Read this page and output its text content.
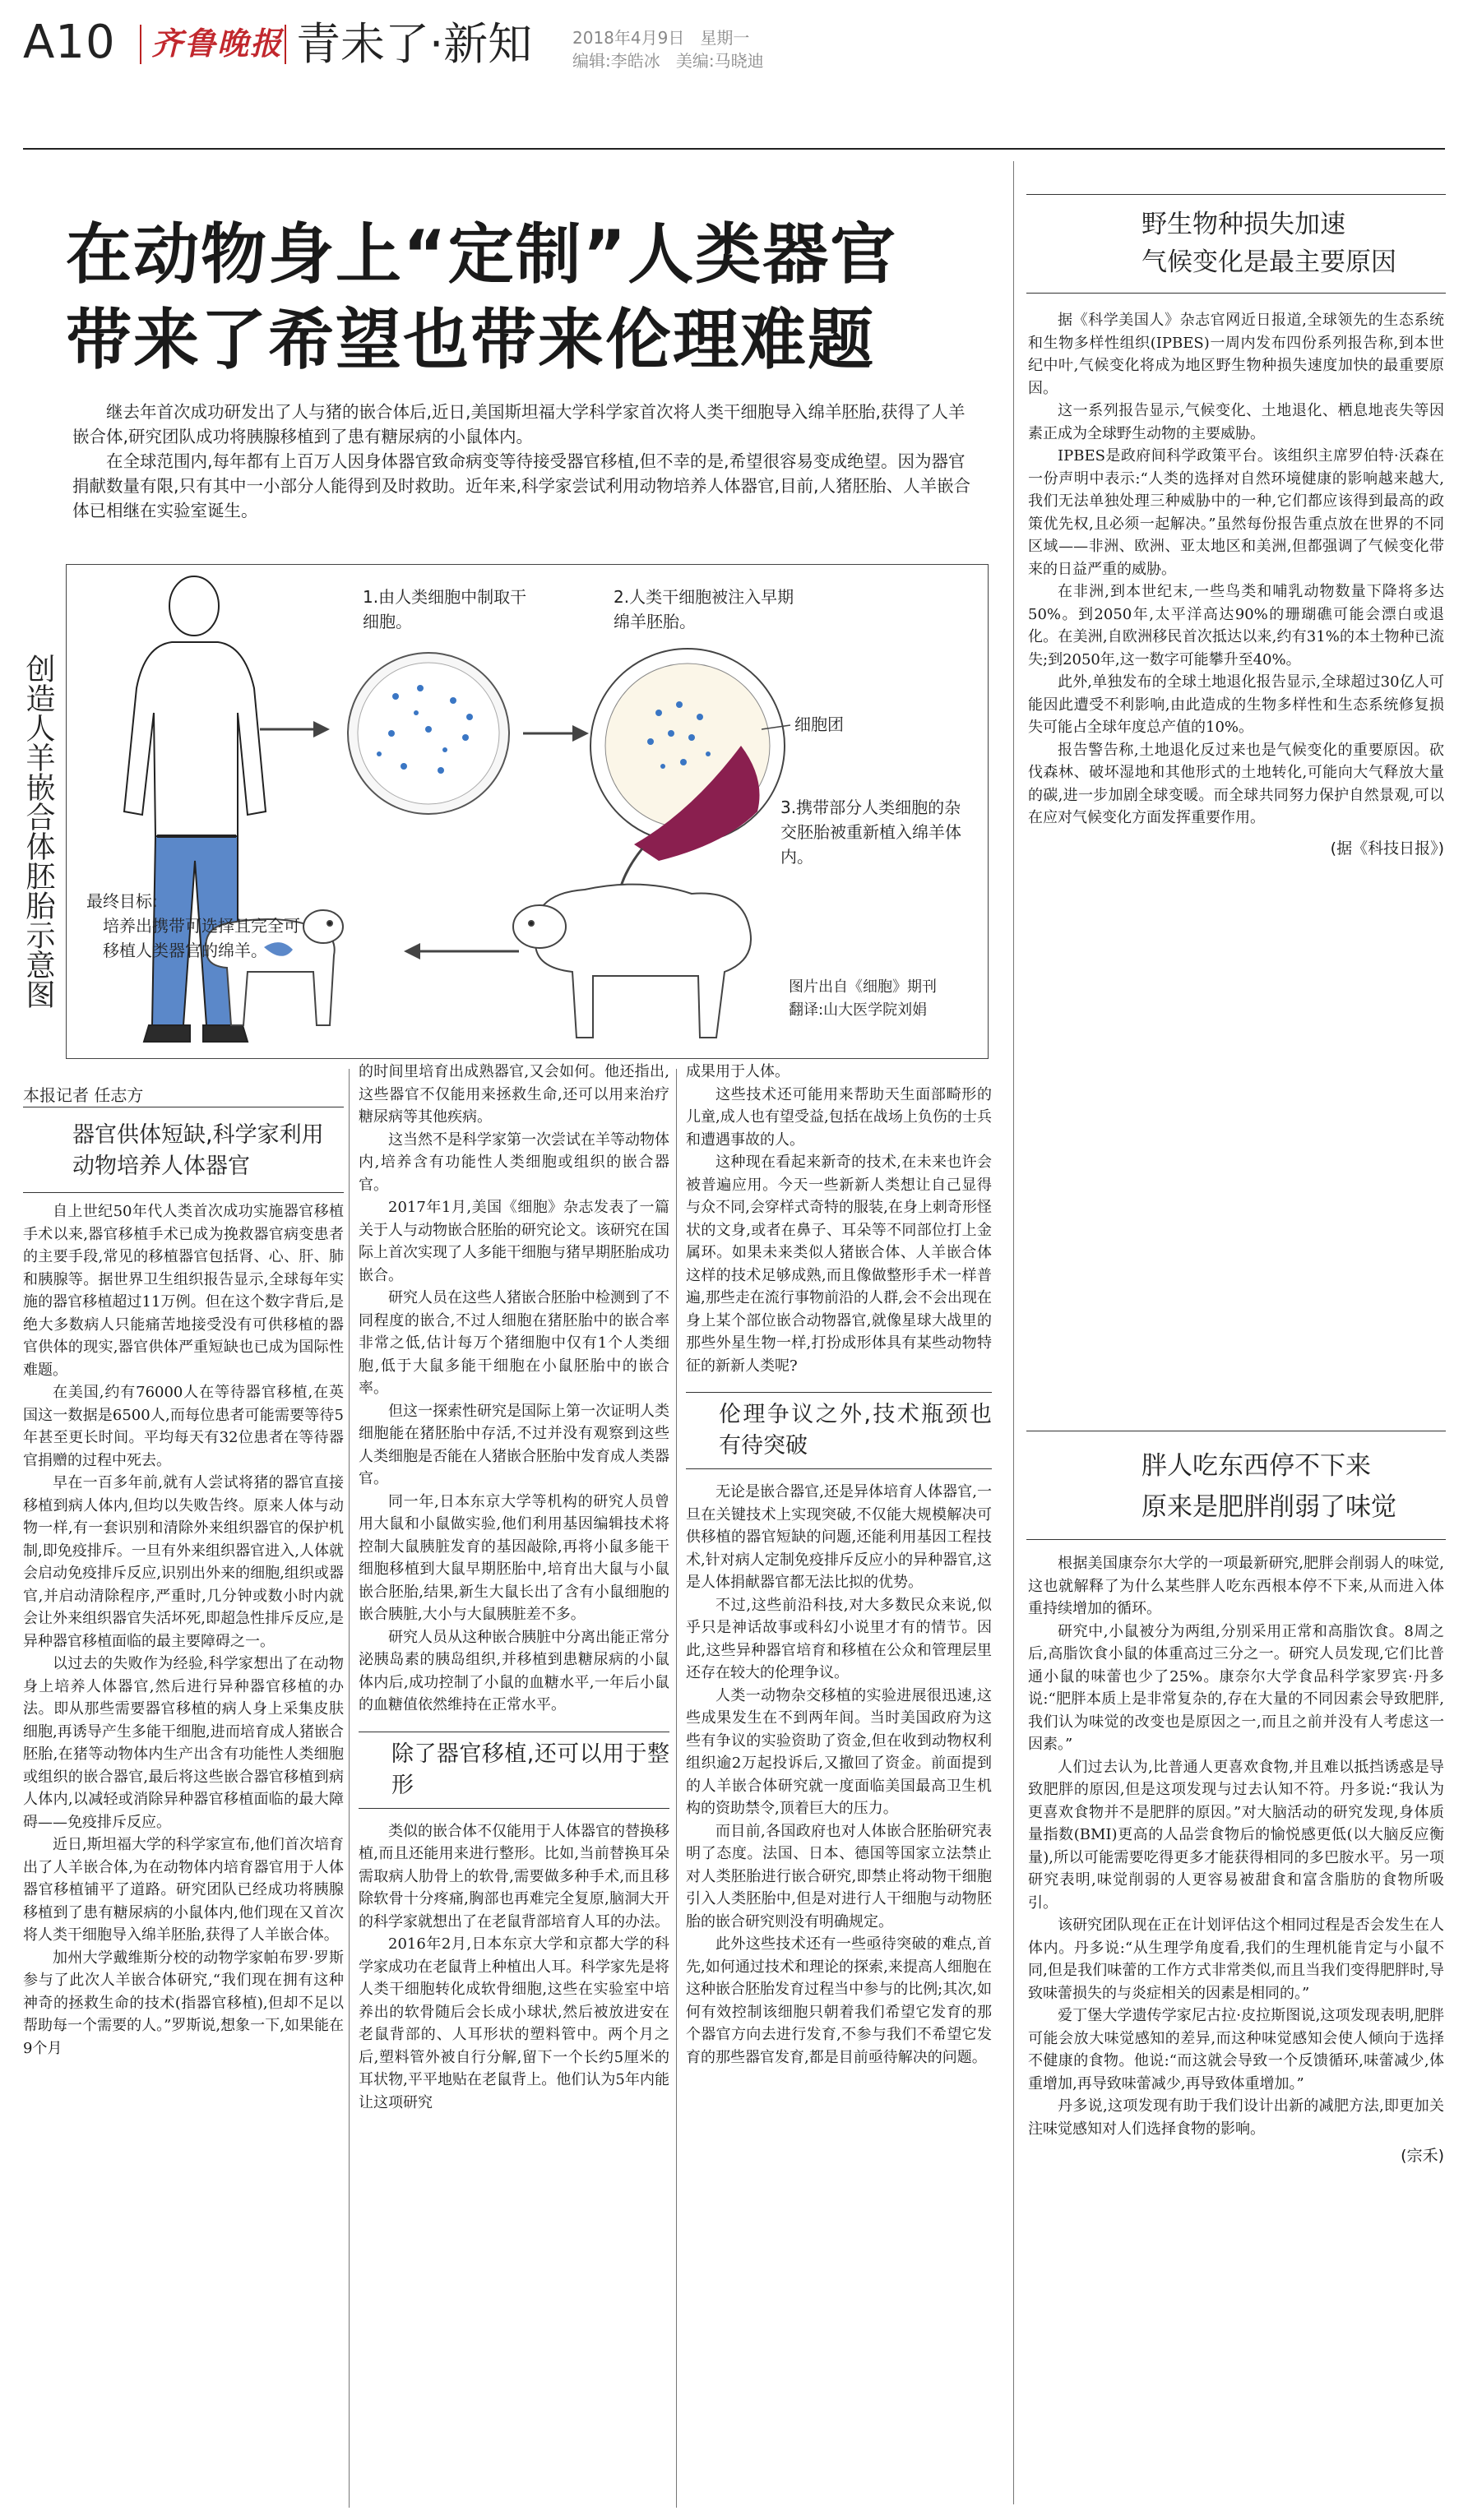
A10 齐鲁晚报 青未了·新知 2018年4月9日 星期一
编辑:李皓冰 美编:马晓迪
在动物身上“定制”人类器官
带来了希望也带来伦理难题

继去年首次成功研发出了人与猪的嵌合体后,近日,美国斯坦福大学科学家首次将人类干细胞导入绵羊胚胎,获得了人羊嵌合体,研究团队成功将胰腺移植到了患有糖尿病的小鼠体内。

在全球范围内,每年都有上百万人因身体器官致命病变等待接受器官移植,但不幸的是,希望很容易变成绝望。因为器官捐献数量有限,只有其中一小部分人能得到及时救助。近年来,科学家尝试利用动物培养人体器官,目前,人猪胚胎、人羊嵌合体已相继在实验室诞生。

创造人羊嵌合体胚胎示意图
1.由人类细胞中制取干细胞。
2.人类干细胞被注入早期绵羊胚胎。
细胞团
3.携带部分人类细胞的杂交胚胎被重新植入绵羊体内。
最终目标:
培养出携带可选择且完全可移植人类器官的绵羊。
图片出自《细胞》期刊
翻译:山大医学院刘娟
本报记者 任志方
器官供体短缺,科学家利用动物培养人体器官

自上世纪50年代人类首次成功实施器官移植手术以来,器官移植手术已成为挽救器官病变患者的主要手段,常见的移植器官包括肾、心、肝、肺和胰腺等。据世界卫生组织报告显示,全球每年实施的器官移植超过11万例。但在这个数字背后,是绝大多数病人只能痛苦地接受没有可供移植的器官供体的现实,器官供体严重短缺也已成为国际性难题。

在美国,约有76000人在等待器官移植,在英国这一数据是6500人,而每位患者可能需要等待5年甚至更长时间。平均每天有32位患者在等待器官捐赠的过程中死去。

早在一百多年前,就有人尝试将猪的器官直接移植到病人体内,但均以失败告终。原来人体与动物一样,有一套识别和清除外来组织器官的保护机制,即免疫排斥。一旦有外来组织器官进入,人体就会启动免疫排斥反应,识别出外来的细胞,组织或器官,并启动清除程序,严重时,几分钟或数小时内就会让外来组织器官失活坏死,即超急性排斥反应,是异种器官移植面临的最主要障碍之一。

以过去的失败作为经验,科学家想出了在动物身上培养人体器官,然后进行异种器官移植的办法。即从那些需要器官移植的病人身上采集皮肤细胞,再诱导产生多能干细胞,进而培育成人猪嵌合胚胎,在猪等动物体内生产出含有功能性人类细胞或组织的嵌合器官,最后将这些嵌合器官移植到病人体内,以减轻或消除异种器官移植面临的最大障碍——免疫排斥反应。

近日,斯坦福大学的科学家宣布,他们首次培育出了人羊嵌合体,为在动物体内培育器官用于人体器官移植铺平了道路。研究团队已经成功将胰腺移植到了患有糖尿病的小鼠体内,他们现在又首次将人类干细胞导入绵羊胚胎,获得了人羊嵌合体。

加州大学戴维斯分校的动物学家帕布罗·罗斯参与了此次人羊嵌合体研究,“我们现在拥有这种神奇的拯救生命的技术(指器官移植),但却不足以帮助每一个需要的人。”罗斯说,想象一下,如果能在9个月

的时间里培育出成熟器官,又会如何。他还指出,这些器官不仅能用来拯救生命,还可以用来治疗糖尿病等其他疾病。

这当然不是科学家第一次尝试在羊等动物体内,培养含有功能性人类细胞或组织的嵌合器官。

2017年1月,美国《细胞》杂志发表了一篇关于人与动物嵌合胚胎的研究论文。该研究在国际上首次实现了人多能干细胞与猪早期胚胎成功嵌合。

研究人员在这些人猪嵌合胚胎中检测到了不同程度的嵌合,不过人细胞在猪胚胎中的嵌合率非常之低,估计每万个猪细胞中仅有1个人类细胞,低于大鼠多能干细胞在小鼠胚胎中的嵌合率。

但这一探索性研究是国际上第一次证明人类细胞能在猪胚胎中存活,不过并没有观察到这些人类细胞是否能在人猪嵌合胚胎中发育成人类器官。

同一年,日本东京大学等机构的研究人员曾用大鼠和小鼠做实验,他们利用基因编辑技术将控制大鼠胰脏发育的基因敲除,再将小鼠多能干细胞移植到大鼠早期胚胎中,培育出大鼠与小鼠嵌合胚胎,结果,新生大鼠长出了含有小鼠细胞的嵌合胰脏,大小与大鼠胰脏差不多。

研究人员从这种嵌合胰脏中分离出能正常分泌胰岛素的胰岛组织,并移植到患糖尿病的小鼠体内后,成功控制了小鼠的血糖水平,一年后小鼠的血糖值依然维持在正常水平。

除了器官移植,还可以用于整形

类似的嵌合体不仅能用于人体器官的替换移植,而且还能用来进行整形。比如,当前替换耳朵需取病人肋骨上的软骨,需要做多种手术,而且移除软骨十分疼痛,胸部也再难完全复原,脑洞大开的科学家就想出了在老鼠背部培育人耳的办法。

2016年2月,日本东京大学和京都大学的科学家成功在老鼠背上种植出人耳。科学家先是将人类干细胞转化成软骨细胞,这些在实验室中培养出的软骨随后会长成小球状,然后被放进安在老鼠背部的、人耳形状的塑料管中。两个月之后,塑料管外被自行分解,留下一个长约5厘米的耳状物,平平地贴在老鼠背上。他们认为5年内能让这项研究

成果用于人体。

这些技术还可能用来帮助天生面部畸形的儿童,成人也有望受益,包括在战场上负伤的士兵和遭遇事故的人。

这种现在看起来新奇的技术,在未来也许会被普遍应用。今天一些新新人类想让自己显得与众不同,会穿样式奇特的服装,在身上刺奇形怪状的文身,或者在鼻子、耳朵等不同部位打上金属环。如果未来类似人猪嵌合体、人羊嵌合体这样的技术足够成熟,而且像做整形手术一样普遍,那些走在流行事物前沿的人群,会不会出现在身上某个部位嵌合动物器官,就像星球大战里的那些外星生物一样,打扮成形体具有某些动物特征的新新人类呢?

伦理争议之外,技术瓶颈也有待突破

无论是嵌合器官,还是异体培育人体器官,一旦在关键技术上实现突破,不仅能大规模解决可供移植的器官短缺的问题,还能利用基因工程技术,针对病人定制免疫排斥反应小的异种器官,这是人体捐献器官都无法比拟的优势。

不过,这些前沿科技,对大多数民众来说,似乎只是神话故事或科幻小说里才有的情节。因此,这些异种器官培育和移植在公众和管理层里还存在较大的伦理争议。

人类一动物杂交移植的实验进展很迅速,这些成果发生在不到两年间。当时美国政府为这些有争议的实验资助了资金,但在收到动物权利组织逾2万起投诉后,又撤回了资金。前面提到的人羊嵌合体研究就一度面临美国最高卫生机构的资助禁令,顶着巨大的压力。

而目前,各国政府也对人体嵌合胚胎研究表明了态度。法国、日本、德国等国家立法禁止对人类胚胎进行嵌合研究,即禁止将动物干细胞引入人类胚胎中,但是对进行人干细胞与动物胚胎的嵌合研究则没有明确规定。

此外这些技术还有一些亟待突破的难点,首先,如何通过技术和理论的探索,来提高人细胞在这种嵌合胚胎发育过程当中参与的比例;其次,如何有效控制该细胞只朝着我们希望它发育的那个器官方向去进行发育,不参与我们不希望它发育的那些器官发育,都是目前亟待解决的问题。

野生物种损失加速
气候变化是最主要原因

据《科学美国人》杂志官网近日报道,全球领先的生态系统和生物多样性组织(IPBES)一周内发布四份系列报告称,到本世纪中叶,气候变化将成为地区野生物种损失速度加快的最重要原因。

这一系列报告显示,气候变化、土地退化、栖息地丧失等因素正成为全球野生动物的主要威胁。

IPBES是政府间科学政策平台。该组织主席罗伯特·沃森在一份声明中表示:“人类的选择对自然环境健康的影响越来越大,我们无法单独处理三种威胁中的一种,它们都应该得到最高的政策优先权,且必须一起解决。”虽然每份报告重点放在世界的不同区域——非洲、欧洲、亚太地区和美洲,但都强调了气候变化带来的日益严重的威胁。

在非洲,到本世纪末,一些鸟类和哺乳动物数量下降将多达50%。到2050年,太平洋高达90%的珊瑚礁可能会漂白或退化。在美洲,自欧洲移民首次抵达以来,约有31%的本土物种已流失;到2050年,这一数字可能攀升至40%。

此外,单独发布的全球土地退化报告显示,全球超过30亿人可能因此遭受不利影响,由此造成的生物多样性和生态系统修复损失可能占全球年度总产值的10%。

报告警告称,土地退化反过来也是气候变化的重要原因。砍伐森林、破坏湿地和其他形式的土地转化,可能向大气释放大量的碳,进一步加剧全球变暖。而全球共同努力保护自然景观,可以在应对气候变化方面发挥重要作用。

(据《科技日报》)
胖人吃东西停不下来
原来是肥胖削弱了味觉

根据美国康奈尔大学的一项最新研究,肥胖会削弱人的味觉,这也就解释了为什么某些胖人吃东西根本停不下来,从而进入体重持续增加的循环。

研究中,小鼠被分为两组,分别采用正常和高脂饮食。8周之后,高脂饮食小鼠的体重高过三分之一。研究人员发现,它们比普通小鼠的味蕾也少了25%。康奈尔大学食品科学家罗宾·丹多说:“肥胖本质上是非常复杂的,存在大量的不同因素会导致肥胖,我们认为味觉的改变也是原因之一,而且之前并没有人考虑这一因素。”

人们过去认为,比普通人更喜欢食物,并且难以抵挡诱惑是导致肥胖的原因,但是这项发现与过去认知不符。丹多说:“我认为更喜欢食物并不是肥胖的原因。”对大脑活动的研究发现,身体质量指数(BMI)更高的人品尝食物后的愉悦感更低(以大脑反应衡量),所以可能需要吃得更多才能获得相同的多巴胺水平。另一项研究表明,味觉削弱的人更容易被甜食和富含脂肪的食物所吸引。

该研究团队现在正在计划评估这个相同过程是否会发生在人体内。丹多说:“从生理学角度看,我们的生理机能肯定与小鼠不同,但是我们味蕾的工作方式非常类似,而且当我们变得肥胖时,导致味蕾损失的与炎症相关的因素是相同的。”

爱丁堡大学遗传学家尼古拉·皮拉斯图说,这项发现表明,肥胖可能会放大味觉感知的差异,而这种味觉感知会使人倾向于选择不健康的食物。他说:“而这就会导致一个反馈循环,味蕾减少,体重增加,再导致味蕾减少,再导致体重增加。”

丹多说,这项发现有助于我们设计出新的减肥方法,即更加关注味觉感知对人们选择食物的影响。

(宗禾)
